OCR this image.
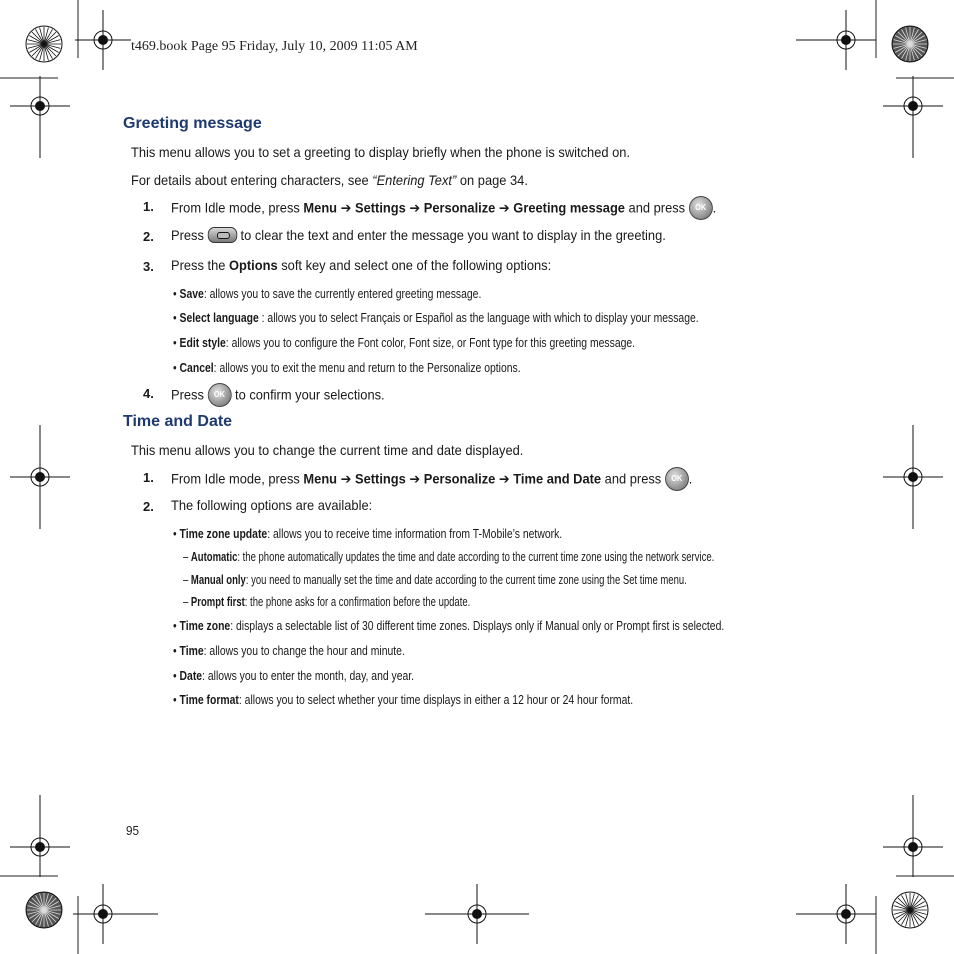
t469.book Page 95 Friday, July 10, 2009 11:05 AM
Greeting message
This menu allows you to set a greeting to display briefly when the phone is switched on.
For details about entering characters, see “Entering Text” on page 34.
1. From Idle mode, press Menu ➔ Settings ➔ Personalize ➔ Greeting message and press OK .
2. Press  to clear the text and enter the message you want to display in the greeting.
3. Press the Options soft key and select one of the following options:
• Save: allows you to save the currently entered greeting message.
• Select language : allows you to select Français or Español as the language with which to display your message.
• Edit style: allows you to configure the Font color, Font size, or Font type for this greeting message.
• Cancel: allows you to exit the menu and return to the Personalize options.
4. Press OK to confirm your selections.
Time and Date
This menu allows you to change the current time and date displayed.
1. From Idle mode, press Menu ➔ Settings ➔ Personalize ➔ Time and Date and press OK .
2. The following options are available:
• Time zone update: allows you to receive time information from T-Mobile’s network.
– Automatic: the phone automatically updates the time and date according to the current time zone using the network service.
– Manual only: you need to manually set the time and date according to the current time zone using the Set time menu.
– Prompt first: the phone asks for a confirmation before the update.
• Time zone: displays a selectable list of 30 different time zones. Displays only if Manual only or Prompt first is selected.
• Time: allows you to change the hour and minute.
• Date: allows you to enter the month, day, and year.
• Time format: allows you to select whether your time displays in either a 12 hour or 24 hour format.
95
